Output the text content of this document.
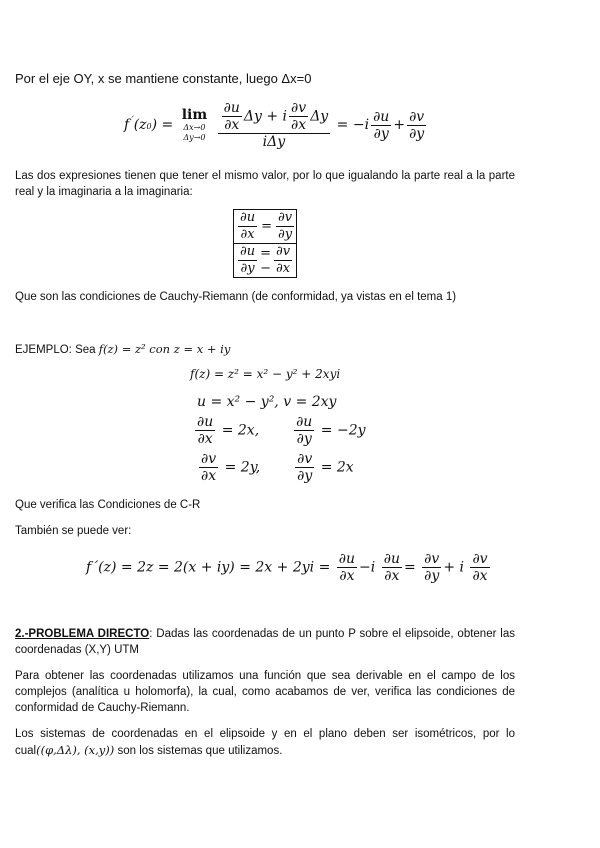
Por el eje OY, x se mantiene constante, luego Δx=0
f´(z0) =
lim
Δx→0
Δy→0
$\frac{\frac{\partial u}{\partial x} \Delta y + i \frac{\partial v}{\partial x} \Delta y}{\text{iΔy}} = -i \frac{\partial u}{\partial y} + \frac{\partial v}{\partial y}$
Las dos expresiones tienen que tener el mismo valor, por lo que igualando la parte real a la parte real y la imaginaria a la imaginaria:
$\frac{\partial u}{\partial x} = \frac{\partial v}{\partial y}$
$\frac{\partial u}{\partial y}$ = − $\frac{\partial v}{\partial x}$
Que son las condiciones de Cauchy-Riemann (de conformidad, ya vistas en el tema 1)
EJEMPLO: Sea f(z) = z² con z = x + iy
f(z) = z² = x² − y² + 2xyi
u = x² − y², v = 2xy
$\frac{\partial u}{\partial x} = 2x$, $\frac{\partial u}{\partial y} = -2y$
$\frac{\partial v}{\partial x} = 2y$, $\frac{\partial v}{\partial y} = 2x$
Que verifica las Condiciones de C-R
También se puede ver:
f´(z) = $2z = 2(x + iy) = 2x + 2yi = \frac{\partial u}{\partial x} -i \frac{\partial u}{\partial x} = \frac{\partial v}{\partial y} + i \frac{\partial v}{\partial x}$
2.-PROBLEMA DIRECTO: Dadas las coordenadas de un punto P sobre el elipsoide, obtener las coordenadas (X,Y) UTM
Para obtener las coordenadas utilizamos una función que sea derivable en el campo de los complejos (analítica u holomorfa), la cual, como acabamos de ver, verifica las condiciones de conformidad de Cauchy-Riemann.
Los sistemas de coordenadas en el elipsoide y en el plano deben ser isométricos, por lo cual((φ,Δλ), (x,y)) son los sistemas que utilizamos.
